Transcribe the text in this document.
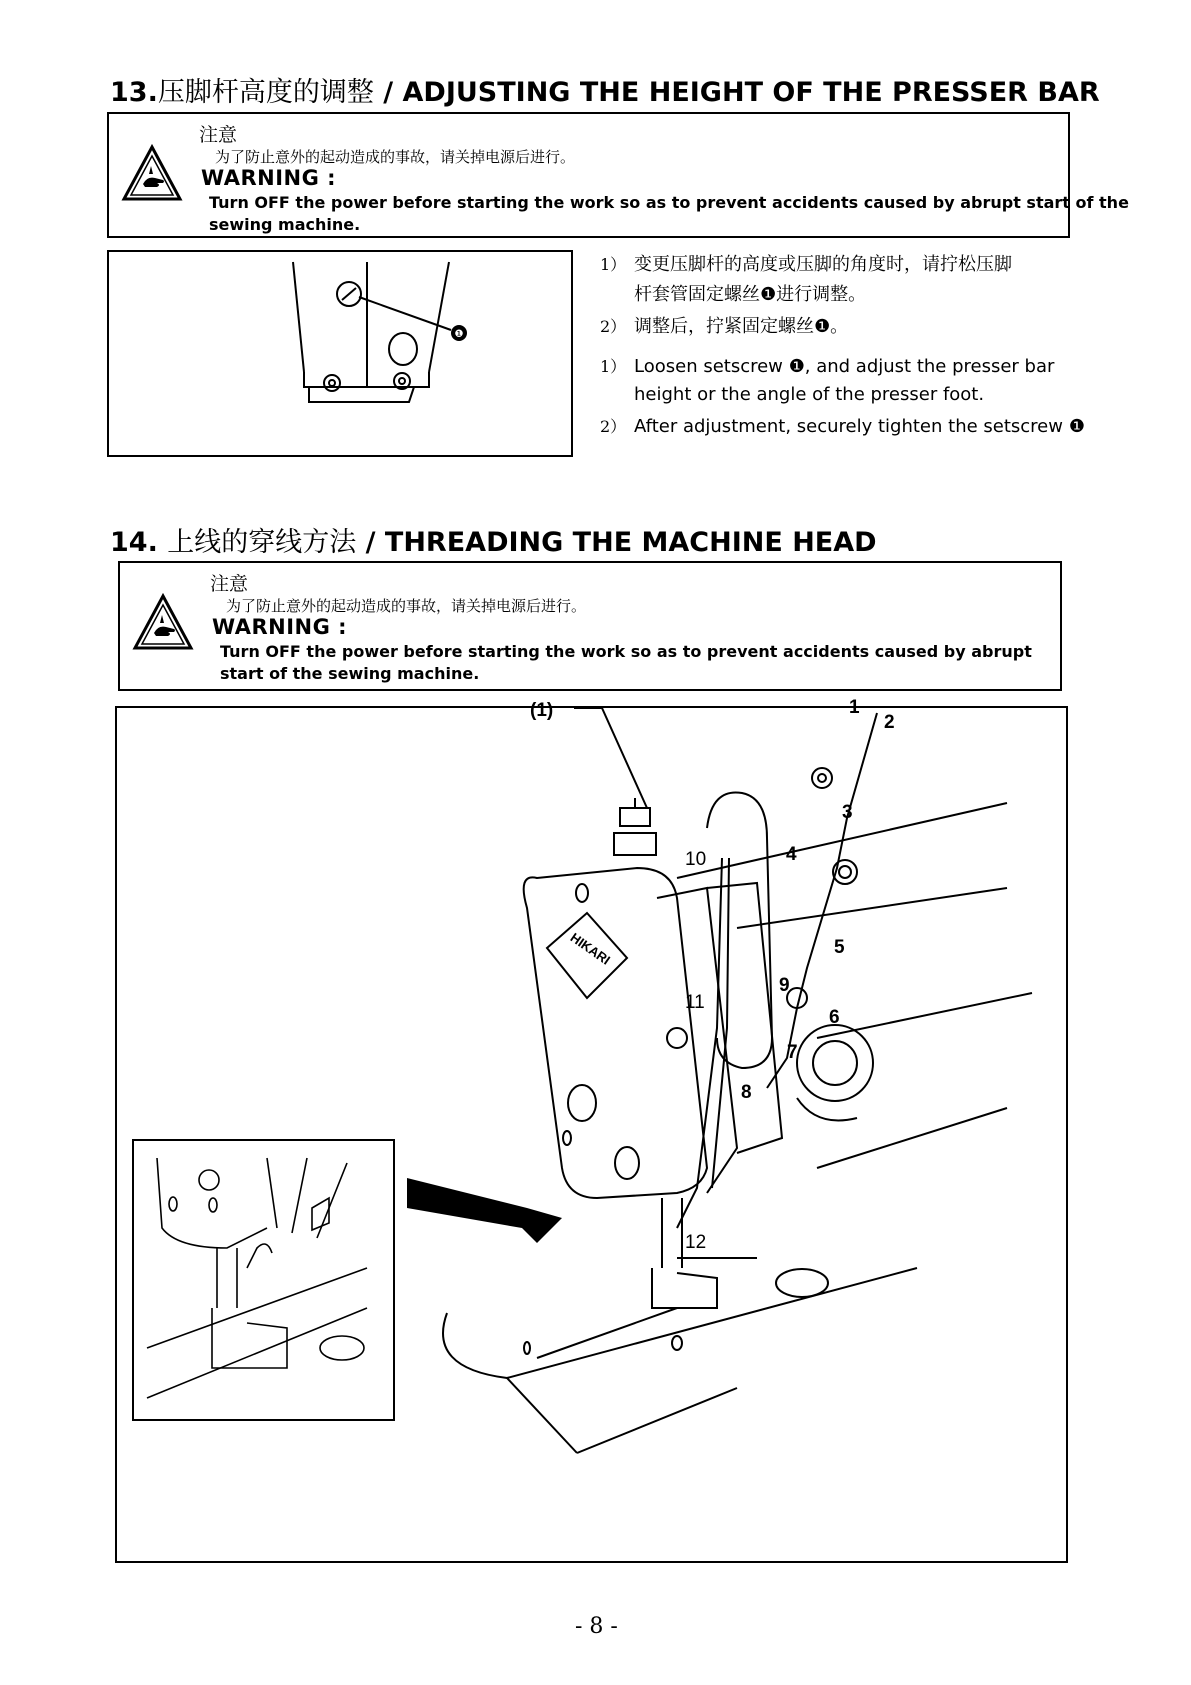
13.压脚杆高度的调整 / ADJUSTING THE HEIGHT OF THE PRESSER BAR
注意
为了防止意外的起动造成的事故，请关掉电源后进行。
WARNING :
Turn OFF the power before starting the work so as to prevent accidents caused by abrupt start of the sewing machine.
❶
1） 变更压脚杆的高度或压脚的角度时，请拧松压脚
杆套管固定螺丝❶进行调整。
2） 调整后，拧紧固定螺丝❶。
1） Loosen setscrew ❶, and adjust the presser bar
height or the angle of the presser foot.
2） After adjustment, securely tighten the setscrew ❶
14. 上线的穿线方法 / THREADING THE MACHINE HEAD
注意
为了防止意外的起动造成的事故，请关掉电源后进行。
WARNING :
Turn OFF the power before starting the work so as to prevent accidents caused by abrupt start of the sewing machine.
(1)	1
2
3
4
5
6
7
8
9
10
11
12
HIKARI
- 8 -
